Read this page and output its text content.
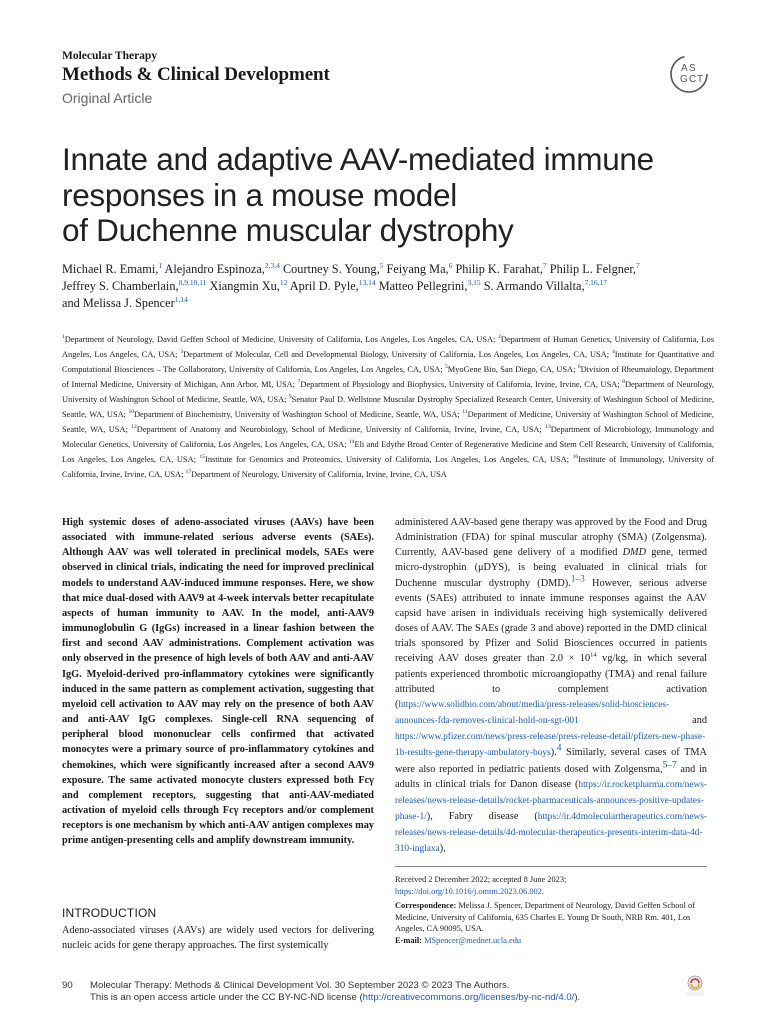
Molecular Therapy
Methods & Clinical Development
Original Article
A S
G C T
Innate and adaptive AAV-mediated immune
responses in a mouse model
of Duchenne muscular dystrophy
Michael R. Emami,$^1$ Alejandro Espinoza,$^{2,3,4}$ Courtney S. Young,$^5$ Feiyang Ma,$^6$ Philip K. Farahat,$^7$ Philip L. Felgner,$^7$
Jeffrey S. Chamberlain,$^{8,9,10,11}$ Xiangmin Xu,$^{12}$ April D. Pyle,$^{13,14}$ Matteo Pellegrini,$^{3,15}$ S. Armando Villalta,$^{7,16,17}$
and Melissa J. Spencer$^{1,14}$
$^1$Department of Neurology, David Geffen School of Medicine, University of California, Los Angeles, Los Angeles, CA, USA; $^2$Department of Human Genetics, University of California, Los Angeles, Los Angeles, CA, USA; $^3$Department of Molecular, Cell and Developmental Biology, University of California, Los Angeles, Los Angeles, CA, USA; $^4$Institute for Quantitative and Computational Biosciences – The Collaboratory, University of California, Los Angeles, Los Angeles, CA, USA; $^5$MyoGene Bio, San Diego, CA, USA; $^6$Division of Rheumatology, Department of Internal Medicine, University of Michigan, Ann Arbor, MI, USA; $^7$Department of Physiology and Biophysics, University of California, Irvine, Irvine, CA, USA; $^8$Department of Neurology, University of Washington School of Medicine, Seattle, WA, USA; $^9$Senator Paul D. Wellstone Muscular Dystrophy Specialized Research Center, University of Washington School of Medicine, Seattle, WA, USA; $^{10}$Department of Biochemistry, University of Washington School of Medicine, Seattle, WA, USA; $^{11}$Department of Medicine, University of Washington School of Medicine, Seattle, WA, USA; $^{12}$Department of Anatomy and Neurobiology, School of Medicine, University of California, Irvine, Irvine, CA, USA; $^{13}$Department of Microbiology, Immunology and Molecular Genetics, University of California, Los Angeles, Los Angeles, CA, USA; $^{14}$Eli and Edythe Broad Center of Regenerative Medicine and Stem Cell Research, University of California, Los Angeles, Los Angeles, CA, USA; $^{15}$Institute for Genomics and Proteomics, University of California, Los Angeles, Los Angeles, CA, USA; $^{16}$Institute of Immunology, University of California, Irvine, Irvine, CA, USA; $^{17}$Department of Neurology, University of California, Irvine, Irvine, CA, USA

High systemic doses of adeno-associated viruses (AAVs) have been associated with immune-related serious adverse events (SAEs). Although AAV was well tolerated in preclinical models, SAEs were observed in clinical trials, indicating the need for improved preclinical models to understand AAV-induced immune responses. Here, we show that mice dual-dosed with AAV9 at 4-week intervals better recapitulate aspects of human immunity to AAV. In the model, anti-AAV9 immunoglobulin G (IgGs) increased in a linear fashion between the first and second AAV administrations. Complement activation was only observed in the presence of high levels of both AAV and anti-AAV IgG. Myeloid-derived pro-inflammatory cytokines were significantly induced in the same pattern as complement activation, suggesting that myeloid cell activation to AAV may rely on the presence of both AAV and anti-AAV IgG complexes. Single-cell RNA sequencing of peripheral blood mononuclear cells confirmed that activated monocytes were a primary source of pro-inflammatory cytokines and chemokines, which were significantly increased after a second AAV9 exposure. The same activated monocyte clusters expressed both Fcγ and complement receptors, suggesting that anti-AAV-mediated activation of myeloid cells through Fcγ receptors and/or complement receptors is one mechanism by which anti-AAV antigen complexes may prime antigen-presenting cells and amplify downstream immunity.

INTRODUCTION

Adeno-associated viruses (AAVs) are widely used vectors for delivering nucleic acids for gene therapy approaches. The first systemically

administered AAV-based gene therapy was approved by the Food and Drug Administration (FDA) for spinal muscular atrophy (SMA) (Zolgensma). Currently, AAV-based gene delivery of a modified DMD gene, termed micro-dystrophin (μDYS), is being evaluated in clinical trials for Duchenne muscular dystrophy (DMD).$^{1-3}$ However, serious adverse events (SAEs) attributed to innate immune responses against the AAV capsid have arisen in individuals receiving high systemically delivered doses of AAV. The SAEs (grade 3 and above) reported in the DMD clinical trials sponsored by Pfizer and Solid Biosciences occurred in patients receiving AAV doses greater than $2.0 \times 10^{14}$ vg/kg, in which several patients experienced thrombotic microangiopathy (TMA) and renal failure attributed to complement activation (https://www.solidbio.com/about/media/press-releases/solid-biosciences-announces-fda-removes-clinical-hold-on-sgt-001 and https://www.pfizer.com/news/press-release/press-release-detail/pfizers-new-phase-1b-results-gene-therapy-ambulatory-boys).$^4$ Similarly, several cases of TMA were also reported in pediatric patients dosed with Zolgensma,$^{5-7}$ and in adults in clinical trials for Danon disease (https://ir.rocketpharma.com/news-releases/news-release-details/rocket-pharmaceuticals-announces-positive-updates-phase-1/), Fabry disease (https://ir.4dmoleculartherapeutics.com/news-releases/news-release-details/4d-molecular-therapeutics-presents-interim-data-4d-310-inglaxa),

Received 2 December 2022; accepted 8 June 2023;
https://doi.org/10.1016/j.omtm.2023.06.002.
Correspondence: Melissa J. Spencer, Department of Neurology, David Geffen School of Medicine, University of California, 635 Charles E. Young Dr South, NRB Rm. 401, Los Angeles, CA 90095, USA.
E-mail: MSpencer@mednet.ucla.edu
90 Molecular Therapy: Methods & Clinical Development Vol. 30 September 2023 © 2023 The Authors.
This is an open access article under the CC BY-NC-ND license (http://creativecommons.org/licenses/by-nc-nd/4.0/).
